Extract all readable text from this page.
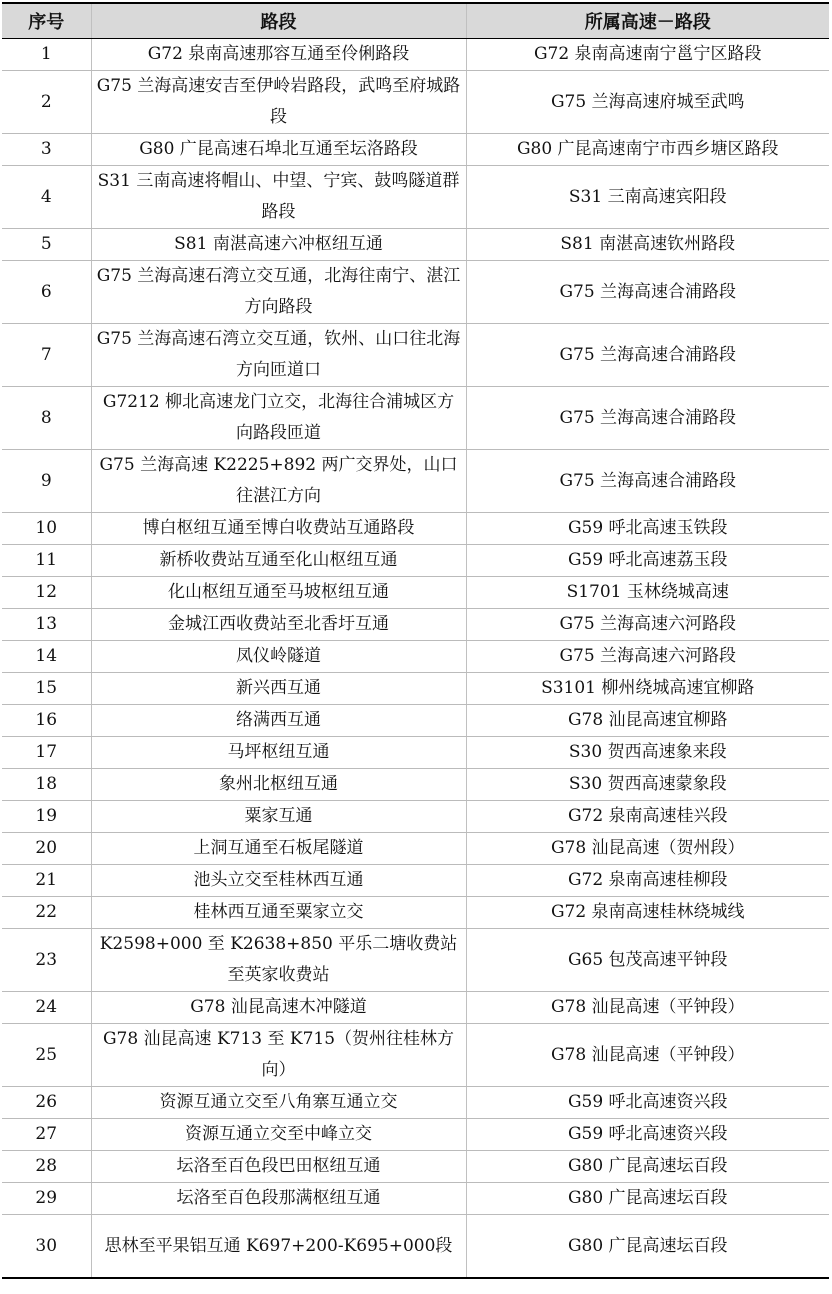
序号	路段	所属高速－路段
1	G72 泉南高速那容互通至伶俐路段	G72 泉南高速南宁邕宁区路段
2	G75 兰海高速安吉至伊岭岩路段，武鸣至府城路段	G75 兰海高速府城至武鸣
3	G80 广昆高速石埠北互通至坛洛路段	G80 广昆高速南宁市西乡塘区路段
4	S31 三南高速将帽山、中望、宁宾、鼓鸣隧道群路段	S31 三南高速宾阳段
5	S81 南湛高速六冲枢纽互通	S81 南湛高速钦州路段
6	G75 兰海高速石湾立交互通，北海往南宁、湛江方向路段	G75 兰海高速合浦路段
7	G75 兰海高速石湾立交互通，钦州、山口往北海方向匝道口	G75 兰海高速合浦路段
8	G7212 柳北高速龙门立交，北海往合浦城区方向路段匝道	G75 兰海高速合浦路段
9	G75 兰海高速 K2225+892 两广交界处，山口往湛江方向	G75 兰海高速合浦路段
10	博白枢纽互通至博白收费站互通路段	G59 呼北高速玉铁段
11	新桥收费站互通至化山枢纽互通	G59 呼北高速荔玉段
12	化山枢纽互通至马坡枢纽互通	S1701 玉林绕城高速
13	金城江西收费站至北香圩互通	G75 兰海高速六河路段
14	凤仪岭隧道	G75 兰海高速六河路段
15	新兴西互通	S3101 柳州绕城高速宜柳路
16	络满西互通	G78 汕昆高速宜柳路
17	马坪枢纽互通	S30 贺西高速象来段
18	象州北枢纽互通	S30 贺西高速蒙象段
19	粟家互通	G72 泉南高速桂兴段
20	上洞互通至石板尾隧道	G78 汕昆高速（贺州段）
21	池头立交至桂林西互通	G72 泉南高速桂柳段
22	桂林西互通至粟家立交	G72 泉南高速桂林绕城线
23	K2598+000 至 K2638+850 平乐二塘收费站至英家收费站	G65 包茂高速平钟段
24	G78 汕昆高速木冲隧道	G78 汕昆高速（平钟段）
25	G78 汕昆高速 K713 至 K715（贺州往桂林方向）	G78 汕昆高速（平钟段）
26	资源互通立交至八角寨互通立交	G59 呼北高速资兴段
27	资源互通立交至中峰立交	G59 呼北高速资兴段
28	坛洛至百色段巴田枢纽互通	G80 广昆高速坛百段
29	坛洛至百色段那满枢纽互通	G80 广昆高速坛百段
30	思林至平果铝互通 K697+200-K695+000段	G80 广昆高速坛百段
